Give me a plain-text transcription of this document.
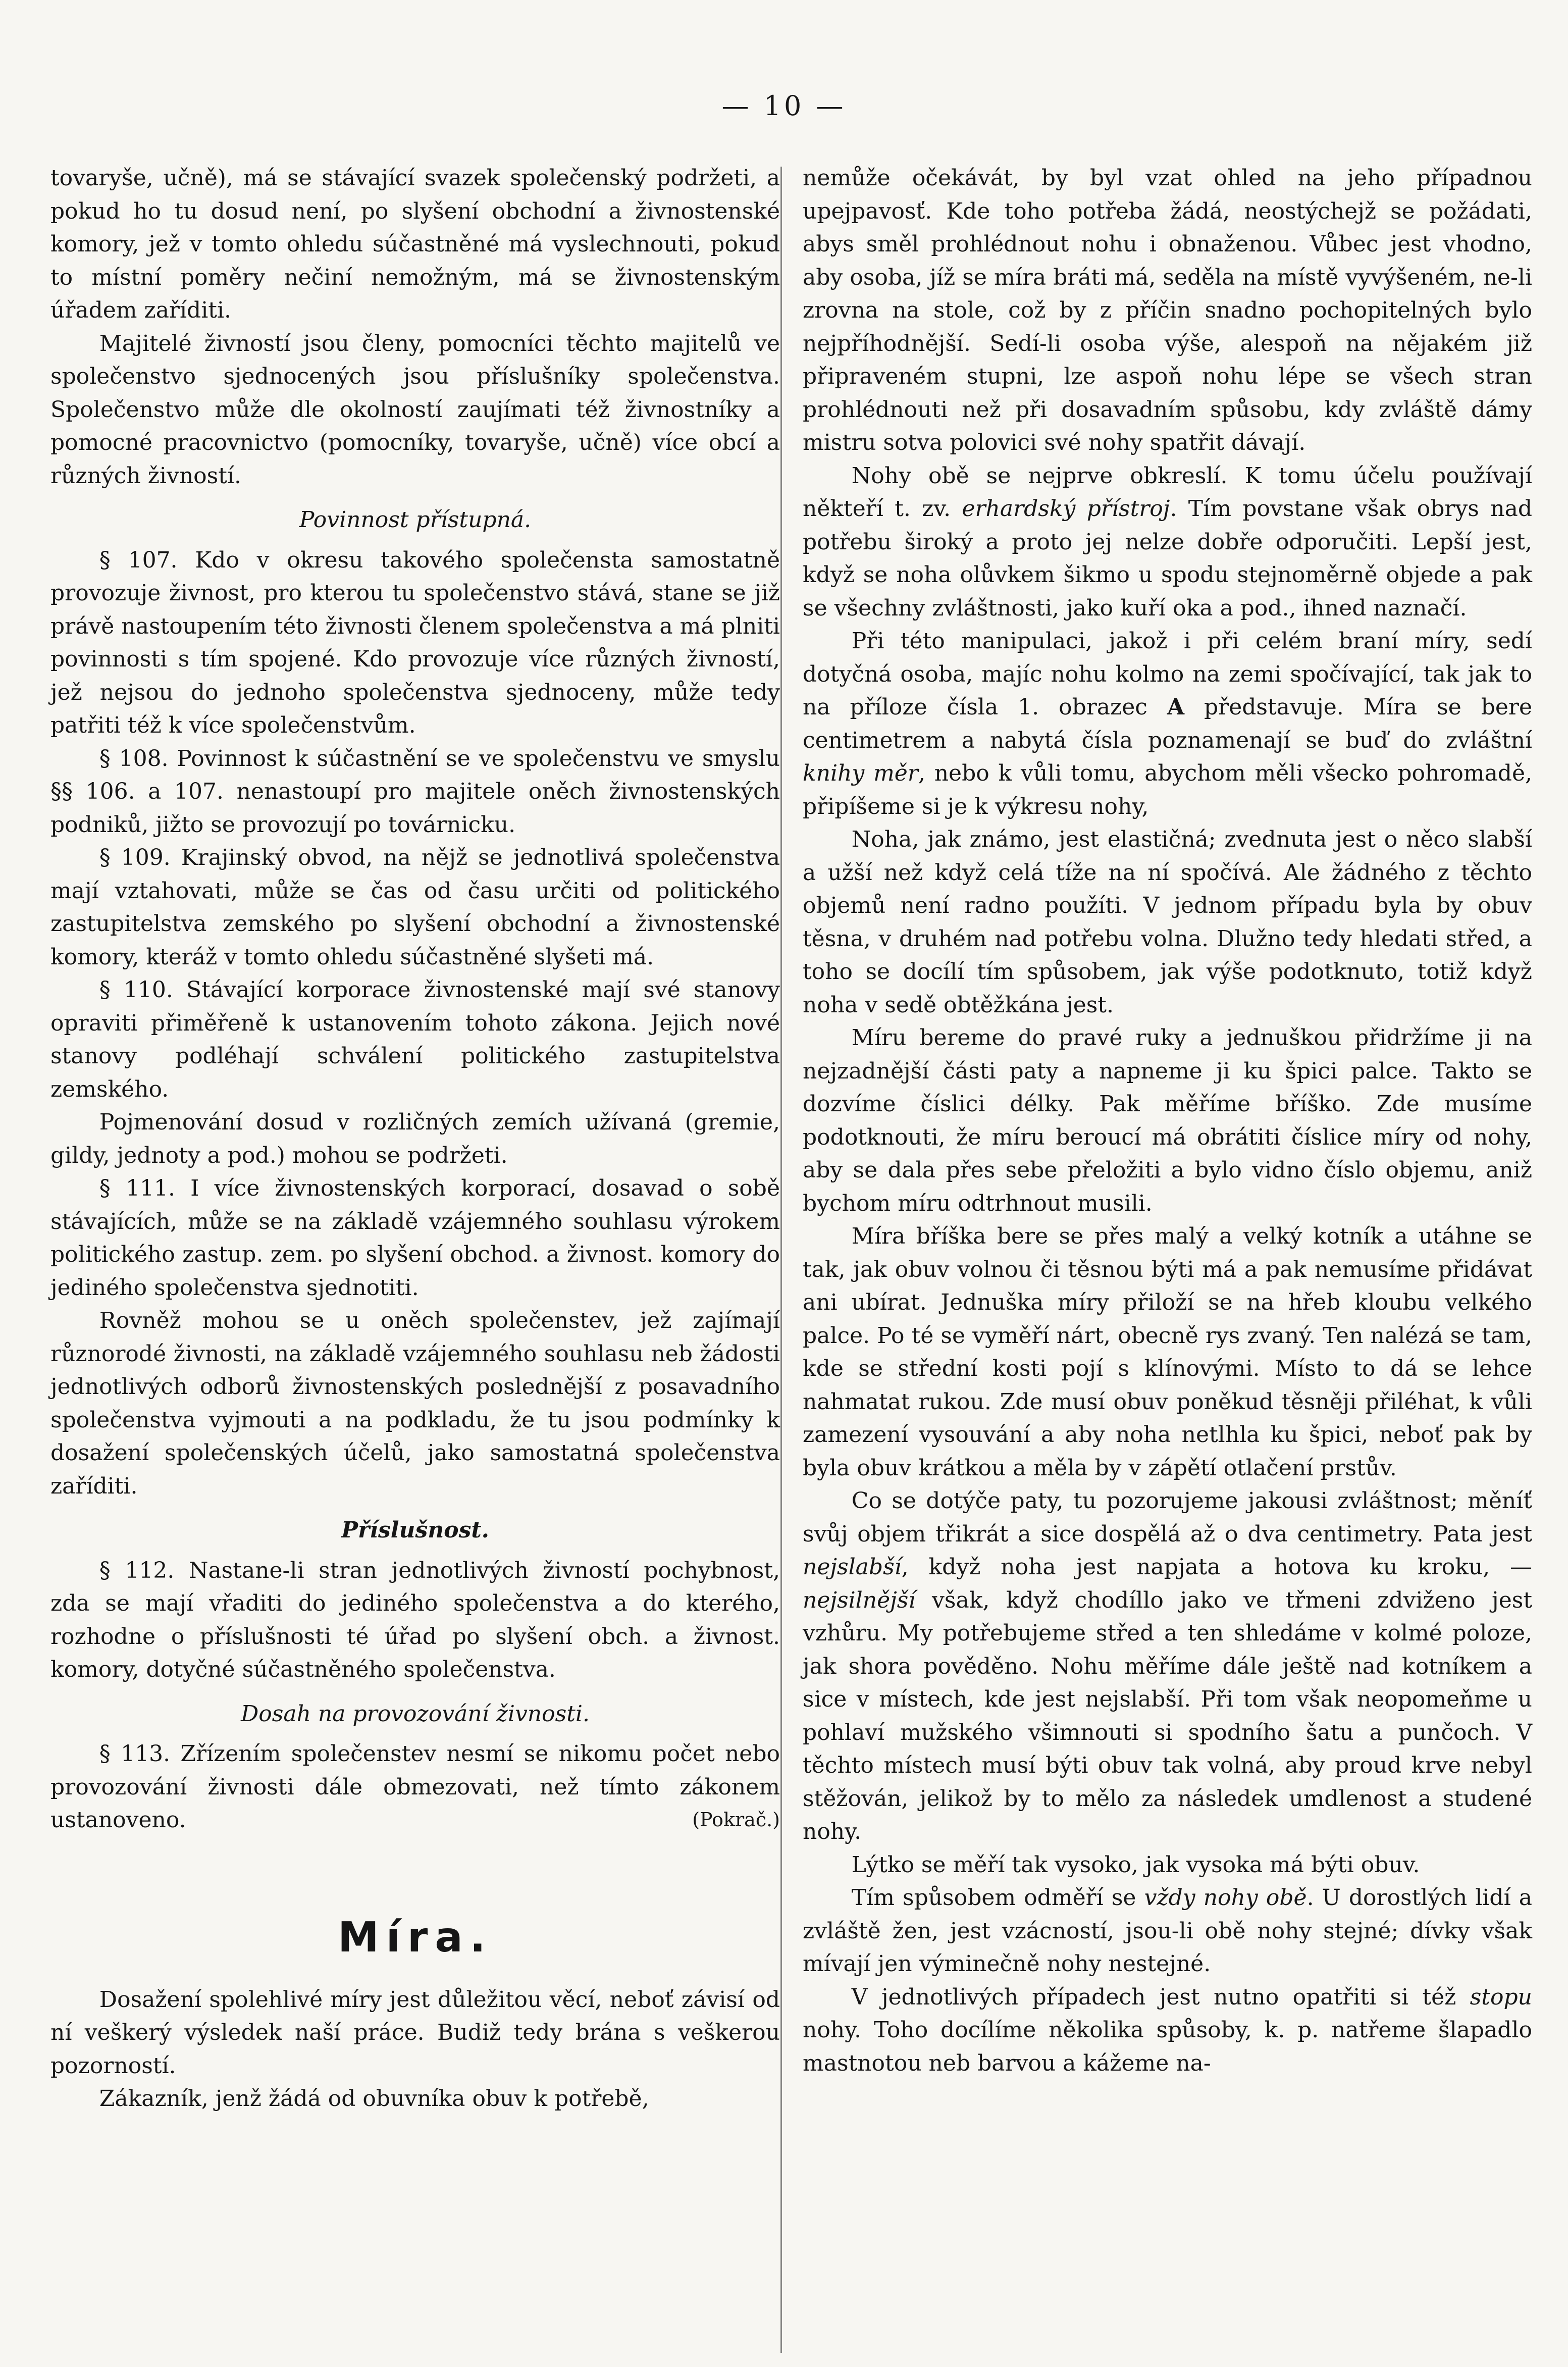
— 10 —

tovaryše, učně), má se stávající svazek společenský podržeti, a pokud ho tu dosud není, po slyšení obchodní a živnostenské komory, jež v tomto ohledu súčastněné má vyslechnouti, pokud to místní poměry nečiní nemožným, má se živnostenským úřadem zaříditi.

Majitelé živností jsou členy, pomocníci těchto majitelů ve společenstvo sjednocených jsou příslušníky společenstva. Společenstvo může dle okolností zaujímati též živnostníky a pomocné pracovnictvo (pomocníky, tovaryše, učně) více obcí a různých živností.

Povinnost přístupná.

§ 107. Kdo v okresu takového společensta samostatně provozuje živnost, pro kterou tu společenstvo stává, stane se již právě nastoupením této živnosti členem společenstva a má plniti povinnosti s tím spojené. Kdo provozuje více různých živností, jež nejsou do jednoho společenstva sjednoceny, může tedy patřiti též k více společenstvům.

§ 108. Povinnost k súčastnění se ve společenstvu ve smyslu §§ 106. a 107. nenastoupí pro majitele oněch živnostenských podniků, jižto se provozují po továrnicku.

§ 109. Krajinský obvod, na nějž se jednotlivá společenstva mají vztahovati, může se čas od času určiti od politického zastupitelstva zemského po slyšení obchodní a živnostenské komory, kteráž v tomto ohledu súčastněné slyšeti má.

§ 110. Stávající korporace živnostenské mají své stanovy opraviti přiměřeně k ustanovením tohoto zákona. Jejich nové stanovy podléhají schválení politického zastupitelstva zemského.

Pojmenování dosud v rozličných zemích užívaná (gremie, gildy, jednoty a pod.) mohou se podržeti.

§ 111. I více živnostenských korporací, dosavad o sobě stávajících, může se na základě vzájemného souhlasu výrokem politického zastup. zem. po slyšení obchod. a živnost. komory do jediného společenstva sjednotiti.

Rovněž mohou se u oněch společenstev, jež zajímají různorodé živnosti, na základě vzájemného souhlasu neb žádosti jednotlivých odborů živnostenských poslednější z posavadního společenstva vyjmouti a na podkladu, že tu jsou podmínky k dosažení společenských účelů, jako samostatná společenstva zaříditi.

Příslušnost.

§ 112. Nastane-li stran jednotlivých živností pochybnost, zda se mají vřaditi do jediného společenstva a do kterého, rozhodne o příslušnosti té úřad po slyšení obch. a živnost. komory, dotyčné súčastněného společenstva.

Dosah na provozování živnosti.

§ 113. Zřízením společenstev nesmí se nikomu počet nebo provozování živnosti dále obmezovati, než tímto zákonem ustanoveno.	(Pokrač.)

Míra.

Dosažení spolehlivé míry jest důležitou věcí, neboť závisí od ní veškerý výsledek naší práce. Budiž tedy brána s veškerou pozorností.

Zákazník, jenž žádá od obuvníka obuv k potřebě,

nemůže očekávát, by byl vzat ohled na jeho případnou upejpavosť. Kde toho potřeba žádá, neostýchejž se požádati, abys směl prohlédnout nohu i obnaženou. Vůbec jest vhodno, aby osoba, jíž se míra bráti má, seděla na místě vyvýšeném, ne-li zrovna na stole, což by z příčin snadno pochopitelných bylo nejpříhodnější. Sedí-li osoba výše, alespoň na nějakém již připraveném stupni, lze aspoň nohu lépe se všech stran prohlédnouti než při dosavadním spůsobu, kdy zvláště dámy mistru sotva polovici své nohy spatřit dávají.

Nohy obě se nejprve obkreslí. K tomu účelu používají někteří t. zv. erhardský přístroj. Tím povstane však obrys nad potřebu široký a proto jej nelze dobře odporučiti. Lepší jest, když se noha olůvkem šikmo u spodu stejnoměrně objede a pak se všechny zvláštnosti, jako kuří oka a pod., ihned naznačí.

Při této manipulaci, jakož i při celém braní míry, sedí dotyčná osoba, majíc nohu kolmo na zemi spočívající, tak jak to na příloze čísla 1. obrazec A představuje. Míra se bere centimetrem a nabytá čísla poznamenají se buď do zvláštní knihy měr, nebo k vůli tomu, abychom měli všecko pohromadě, připíšeme si je k výkresu nohy,

Noha, jak známo, jest elastičná; zvednuta jest o něco slabší a užší než když celá tíže na ní spočívá. Ale žádného z těchto objemů není radno použíti. V jednom případu byla by obuv těsna, v druhém nad potřebu volna. Dlužno tedy hledati střed, a toho se docílí tím spůsobem, jak výše podotknuto, totiž když noha v sedě obtěžkána jest.

Míru bereme do pravé ruky a jednuškou přidržíme ji na nejzadnější části paty a napneme ji ku špici palce. Takto se dozvíme číslici délky. Pak měříme bříško. Zde musíme podotknouti, že míru beroucí má obrátiti číslice míry od nohy, aby se dala přes sebe přeložiti a bylo vidno číslo objemu, aniž bychom míru odtrhnout musili.

Míra bříška bere se přes malý a velký kotník a utáhne se tak, jak obuv volnou či těsnou býti má a pak nemusíme přidávat ani ubírat. Jednuška míry přiloží se na hřeb kloubu velkého palce. Po té se vyměří nárt, obecně rys zvaný. Ten nalézá se tam, kde se střední kosti pojí s klínovými. Místo to dá se lehce nahmatat rukou. Zde musí obuv poněkud těsněji přiléhat, k vůli zamezení vysouvání a aby noha netlhla ku špici, neboť pak by byla obuv krátkou a měla by v zápětí otlačení prstův.

Co se dotýče paty, tu pozorujeme jakousi zvláštnost; měníť svůj objem třikrát a sice dospělá až o dva centimetry. Pata jest nejslabší, když noha jest napjata a hotova ku kroku, — nejsilnější však, když chodíllo jako ve třmeni zdviženo jest vzhůru. My potřebujeme střed a ten shledáme v kolmé poloze, jak shora pověděno. Nohu měříme dále ještě nad kotníkem a sice v místech, kde jest nejslabší. Při tom však neopomeňme u pohlaví mužského všimnouti si spodního šatu a punčoch. V těchto místech musí býti obuv tak volná, aby proud krve nebyl stěžován, jelikož by to mělo za následek umdlenost a studené nohy.

Lýtko se měří tak vysoko, jak vysoka má býti obuv.

Tím spůsobem odměří se vždy nohy obě. U dorostlých lidí a zvláště žen, jest vzácností, jsou-li obě nohy stejné; dívky však mívají jen výminečně nohy nestejné.

V jednotlivých případech jest nutno opatřiti si též stopu nohy. Toho docílíme několika spůsoby, k. p. natřeme šlapadlo mastnotou neb barvou a kážeme na-
